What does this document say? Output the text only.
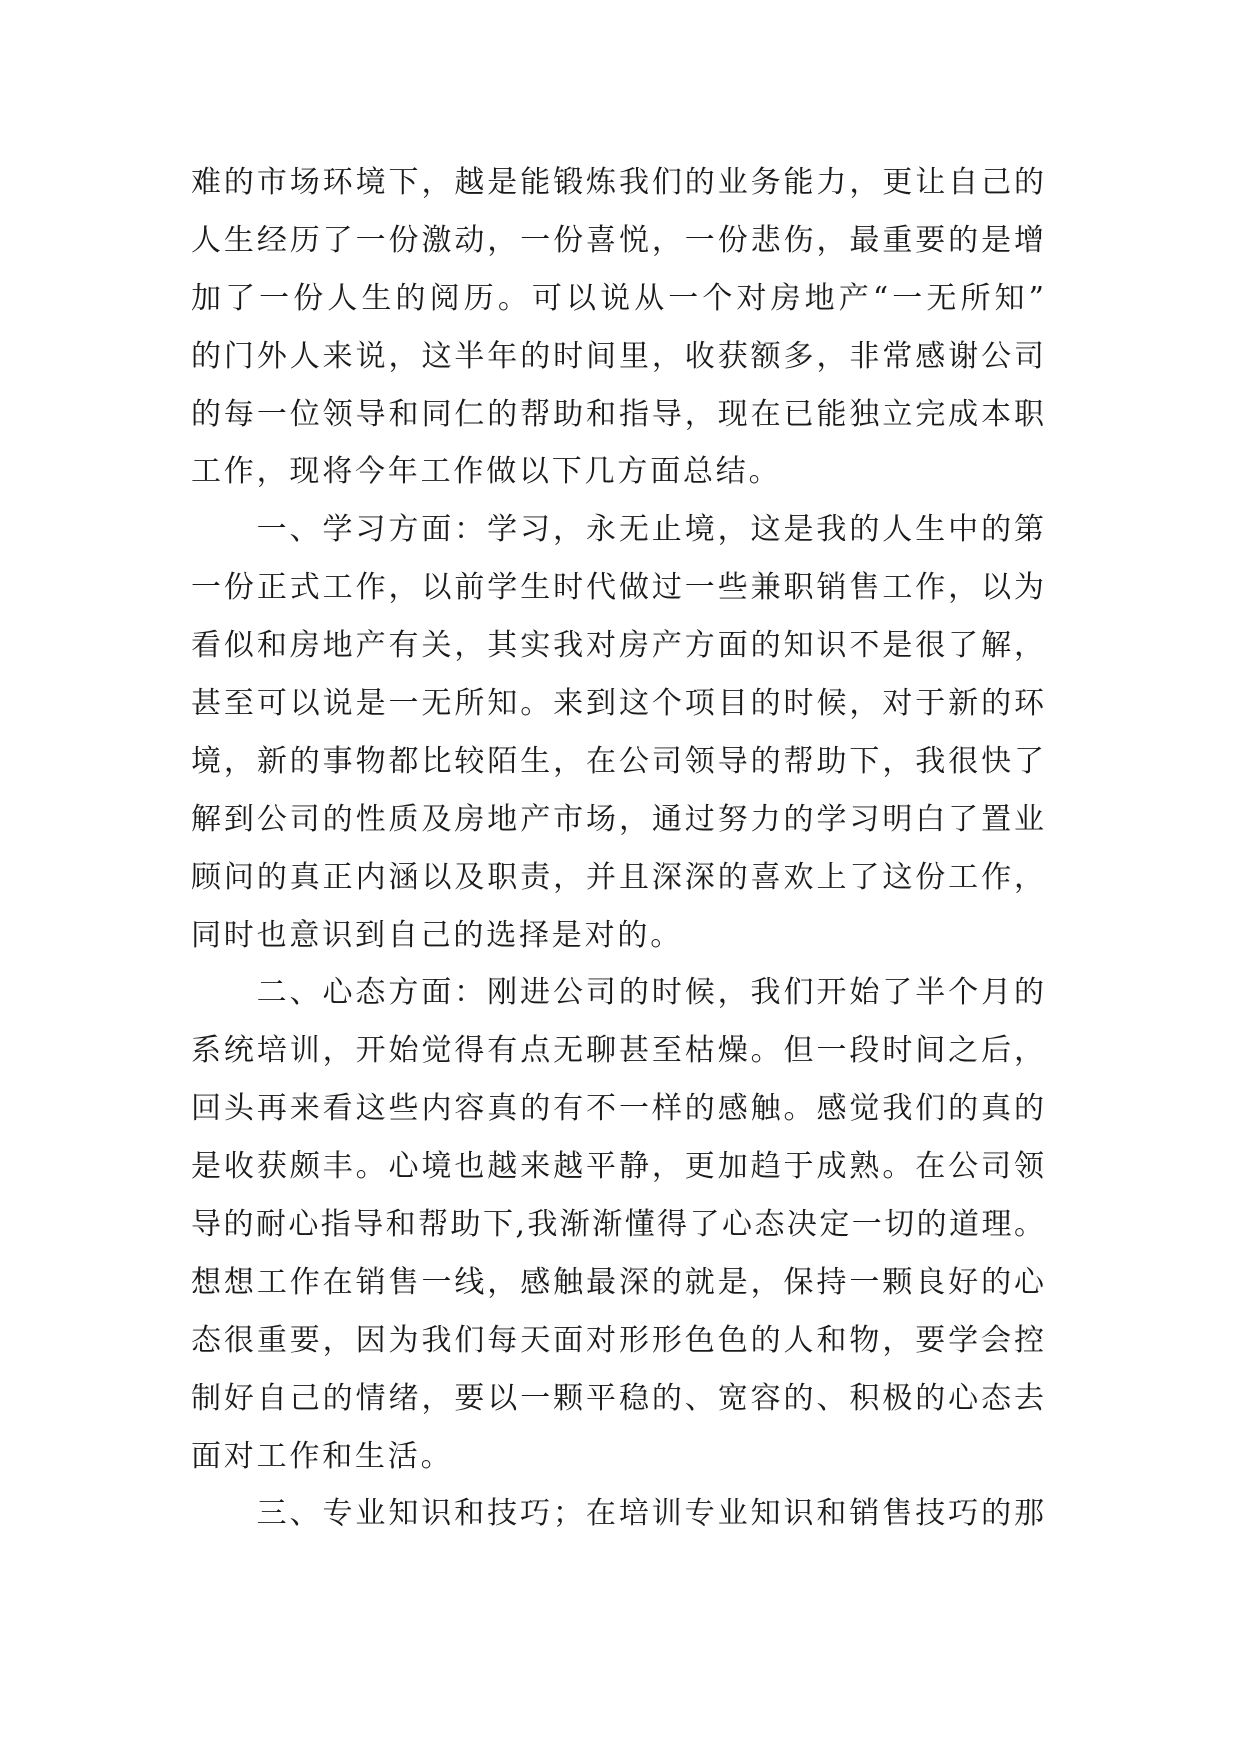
难的市场环境下，越是能锻炼我们的业务能力，更让自己的
人生经历了一份激动，一份喜悦，一份悲伤，最重要的是增
加了一份人生的阅历。可以说从一个对房地产“一无所知”
的门外人来说，这半年的时间里，收获额多，非常感谢公司
的每一位领导和同仁的帮助和指导，现在已能独立完成本职
工作，现将今年工作做以下几方面总结。
一、学习方面：学习，永无止境，这是我的人生中的第
一份正式工作，以前学生时代做过一些兼职销售工作，以为
看似和房地产有关，其实我对房产方面的知识不是很了解，
甚至可以说是一无所知。来到这个项目的时候，对于新的环
境，新的事物都比较陌生，在公司领导的帮助下，我很快了
解到公司的性质及房地产市场，通过努力的学习明白了置业
顾问的真正内涵以及职责，并且深深的喜欢上了这份工作，
同时也意识到自己的选择是对的。
二、心态方面：刚进公司的时候，我们开始了半个月的
系统培训，开始觉得有点无聊甚至枯燥。但一段时间之后，
回头再来看这些内容真的有不一样的感触。感觉我们的真的
是收获颇丰。心境也越来越平静，更加趋于成熟。在公司领
导的耐心指导和帮助下,我渐渐懂得了心态决定一切的道理。
想想工作在销售一线，感触最深的就是，保持一颗良好的心
态很重要，因为我们每天面对形形色色的人和物，要学会控
制好自己的情绪，要以一颗平稳的、宽容的、积极的心态去
面对工作和生活。
三、专业知识和技巧；在培训专业知识和销售技巧的那
